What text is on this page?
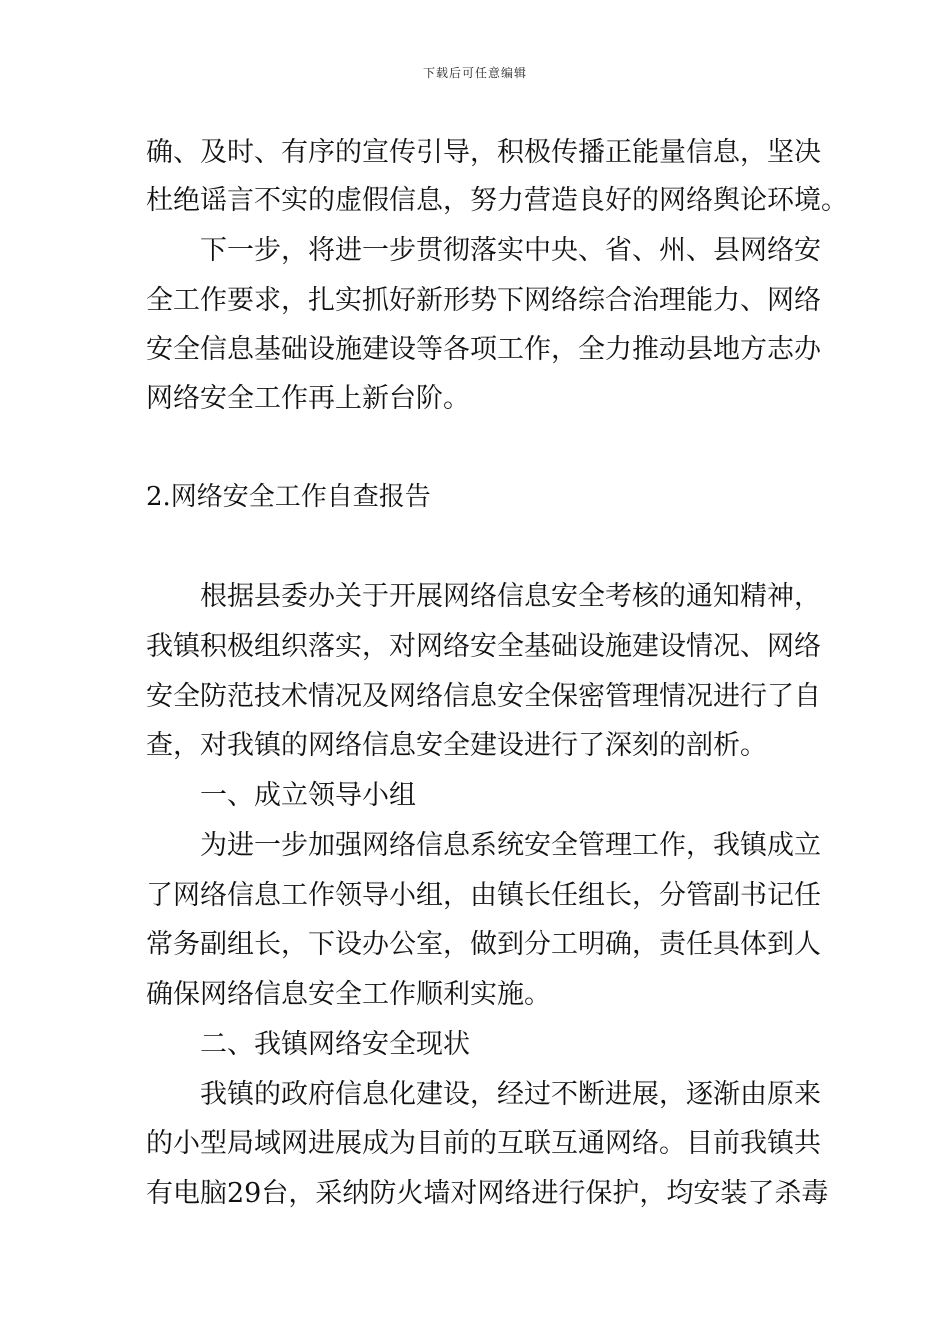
下载后可任意编辑
确、及时、有序的宣传引导，积极传播正能量信息，坚决
杜绝谣言不实的虚假信息，努力营造良好的网络舆论环境。
下一步，将进一步贯彻落实中央、省、州、县网络安
全工作要求，扎实抓好新形势下网络综合治理能力、网络
安全信息基础设施建设等各项工作，全力推动县地方志办
网络安全工作再上新台阶。
2.网络安全工作自查报告
根据县委办关于开展网络信息安全考核的通知精神，
我镇积极组织落实，对网络安全基础设施建设情况、网络
安全防范技术情况及网络信息安全保密管理情况进行了自
查，对我镇的网络信息安全建设进行了深刻的剖析。
一、成立领导小组
为进一步加强网络信息系统安全管理工作，我镇成立
了网络信息工作领导小组，由镇长任组长，分管副书记任
常务副组长，下设办公室，做到分工明确，责任具体到人
确保网络信息安全工作顺利实施。
二、我镇网络安全现状
我镇的政府信息化建设，经过不断进展，逐渐由原来
的小型局域网进展成为目前的互联互通网络。目前我镇共
有电脑29台，采纳防火墙对网络进行保护，均安装了杀毒
